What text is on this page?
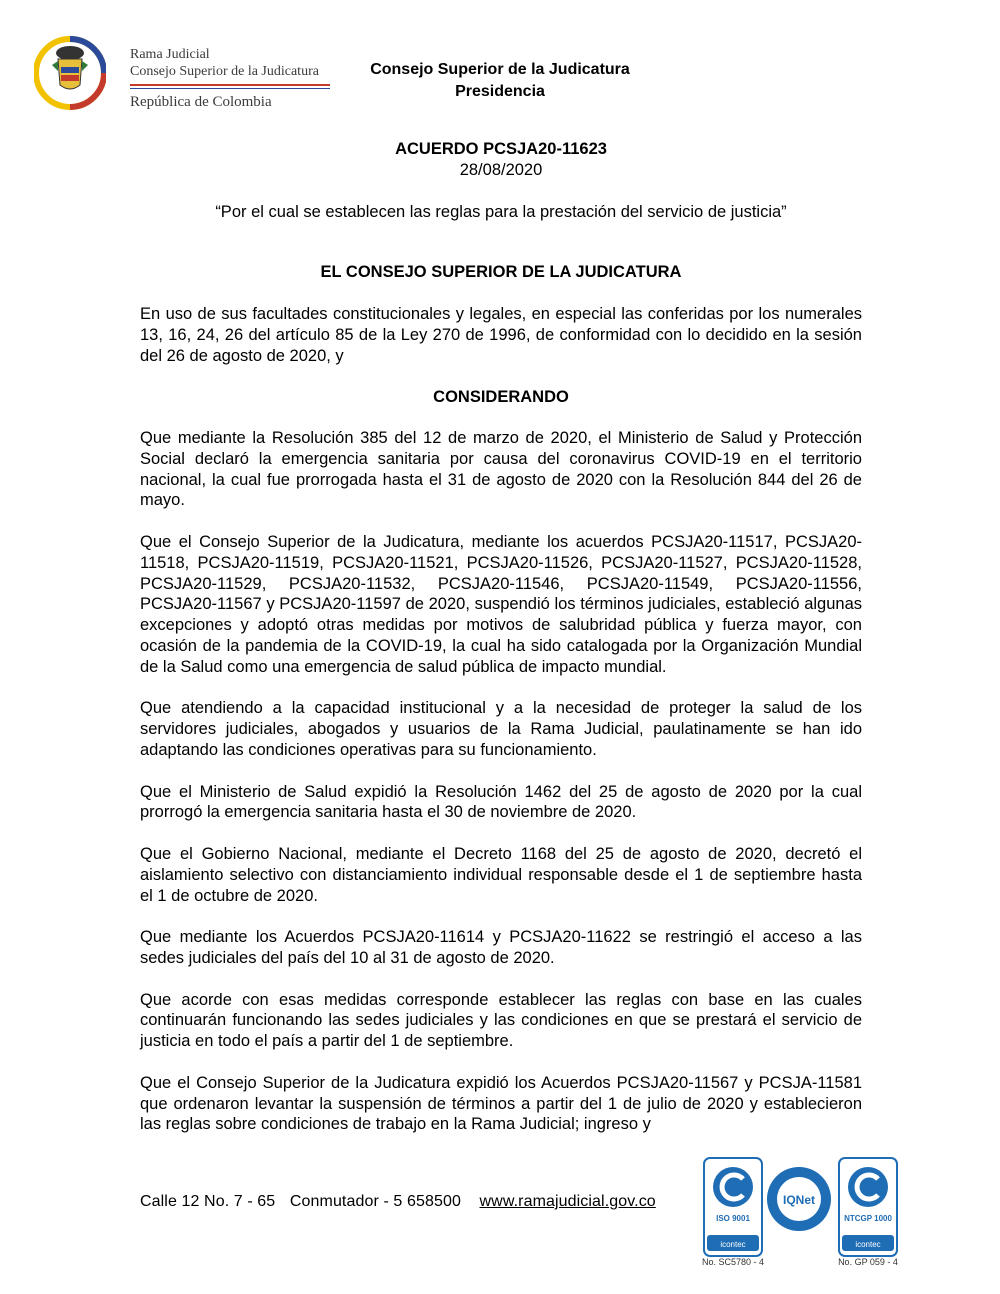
Rama Judicial
Consejo Superior de la Judicatura
República de Colombia
Consejo Superior de la Judicatura
Presidencia
ACUERDO PCSJA20-11623
28/08/2020
“Por el cual se establecen las reglas para la prestación del servicio de justicia”
EL CONSEJO SUPERIOR DE LA JUDICATURA

En uso de sus facultades constitucionales y legales, en especial las conferidas por los numerales 13, 16, 24, 26 del artículo 85 de la Ley 270 de 1996, de conformidad con lo decidido en la sesión del 26 de agosto de 2020, y

CONSIDERANDO

Que mediante la Resolución 385 del 12 de marzo de 2020, el Ministerio de Salud y Protección Social declaró la emergencia sanitaria por causa del coronavirus COVID-19 en el territorio nacional, la cual fue prorrogada hasta el 31 de agosto de 2020 con la Resolución 844 del 26 de mayo.

Que el Consejo Superior de la Judicatura, mediante los acuerdos PCSJA20-11517, PCSJA20-11518, PCSJA20-11519, PCSJA20-11521, PCSJA20-11526, PCSJA20-11527, PCSJA20-11528, PCSJA20-11529, PCSJA20-11532, PCSJA20-11546, PCSJA20-11549, PCSJA20-11556, PCSJA20-11567 y PCSJA20-11597 de 2020, suspendió los términos judiciales, estableció algunas excepciones y adoptó otras medidas por motivos de salubridad pública y fuerza mayor, con ocasión de la pandemia de la COVID-19, la cual ha sido catalogada por la Organización Mundial de la Salud como una emergencia de salud pública de impacto mundial.

Que atendiendo a la capacidad institucional y a la necesidad de proteger la salud de los servidores judiciales, abogados y usuarios de la Rama Judicial, paulatinamente se han ido adaptando las condiciones operativas para su funcionamiento.

Que el Ministerio de Salud expidió la Resolución 1462 del 25 de agosto de 2020 por la cual prorrogó la emergencia sanitaria hasta el 30 de noviembre de 2020.

Que el Gobierno Nacional, mediante el Decreto 1168 del 25 de agosto de 2020, decretó el aislamiento selectivo con distanciamiento individual responsable desde el 1 de septiembre hasta el 1 de octubre de 2020.

Que mediante los Acuerdos PCSJA20-11614 y PCSJA20-11622 se restringió el acceso a las sedes judiciales del país del 10 al 31 de agosto de 2020.

Que acorde con esas medidas corresponde establecer las reglas con base en las cuales continuarán funcionando las sedes judiciales y las condiciones en que se prestará el servicio de justicia en todo el país a partir del 1 de septiembre.

Que el Consejo Superior de la Judicatura expidió los Acuerdos PCSJA20-11567 y PCSJA-11581 que ordenaron levantar la suspensión de términos a partir del 1 de julio de 2020 y establecieron las reglas sobre condiciones de trabajo en la Rama Judicial; ingreso y

Calle 12 No. 7 - 65 Conmutador - 5 658500 www.ramajudicial.gov.co
ISO 9001
icontec
No. SC5780 - 4
IQNet
NTCGP 1000
icontec
No. GP 059 - 4
